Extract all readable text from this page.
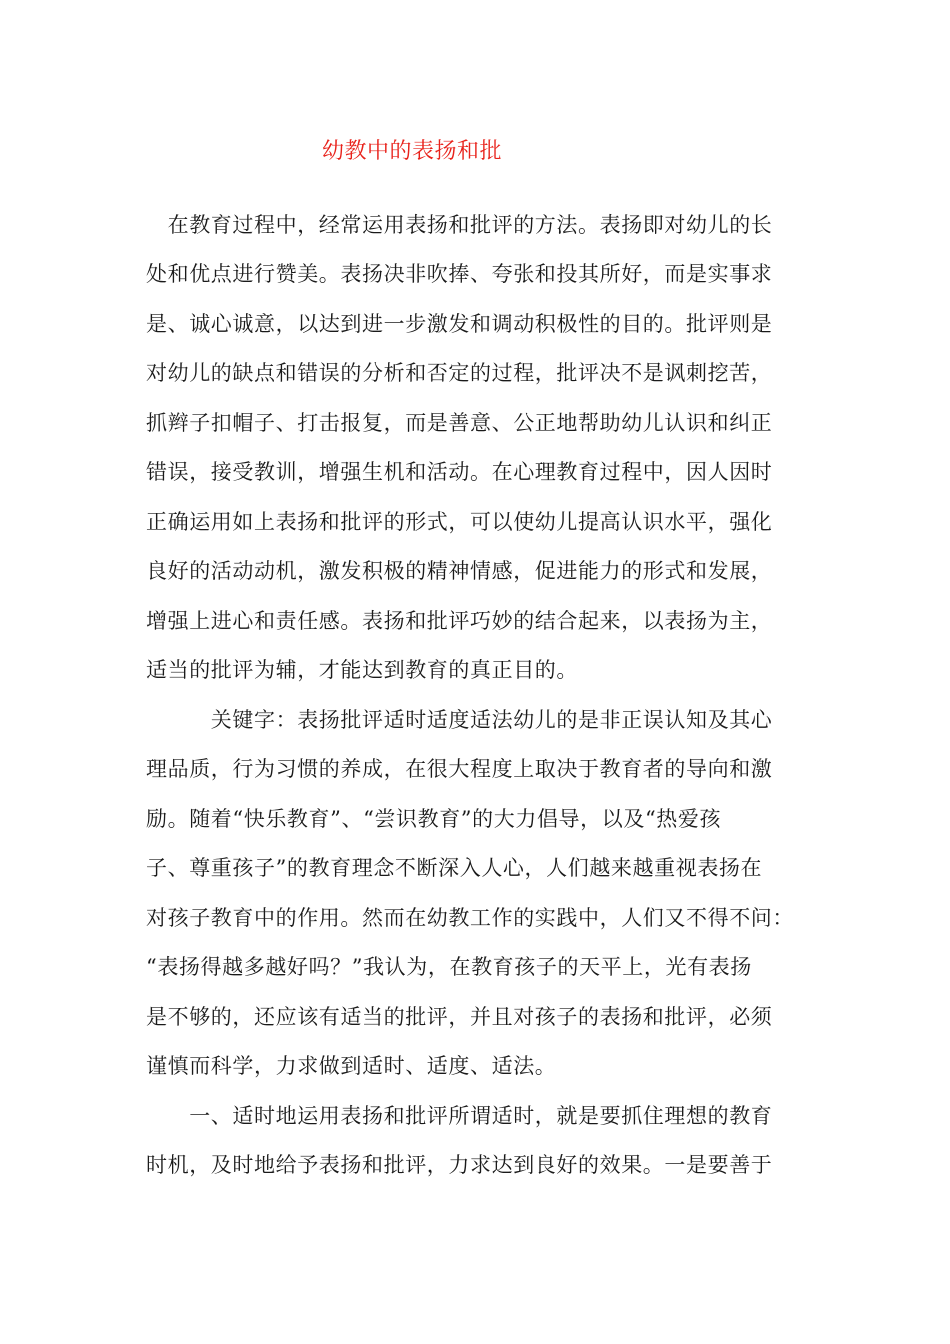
幼教中的表扬和批
　在教育过程中，经常运用表扬和批评的方法。表扬即对幼儿的长
处和优点进行赞美。表扬决非吹捧、夸张和投其所好，而是实事求
是、诚心诚意，以达到进一步激发和调动积极性的目的。批评则是
对幼儿的缺点和错误的分析和否定的过程，批评决不是讽刺挖苦，
抓辫子扣帽子、打击报复，而是善意、公正地帮助幼儿认识和纠正
错误，接受教训，增强生机和活动。在心理教育过程中，因人因时
正确运用如上表扬和批评的形式，可以使幼儿提高认识水平，强化
良好的活动动机，激发积极的精神情感，促进能力的形式和发展，
增强上进心和责任感。表扬和批评巧妙的结合起来，以表扬为主，
适当的批评为辅，才能达到教育的真正目的。
　　　关键字：表扬批评适时适度适法幼儿的是非正误认知及其心
理品质，行为习惯的养成，在很大程度上取决于教育者的导向和激
励。随着“快乐教育”、“尝识教育”的大力倡导，以及“热爱孩
子、尊重孩子”的教育理念不断深入人心，人们越来越重视表扬在
对孩子教育中的作用。然而在幼教工作的实践中，人们又不得不问：
“表扬得越多越好吗？”我认为，在教育孩子的天平上，光有表扬
是不够的，还应该有适当的批评，并且对孩子的表扬和批评，必须
谨慎而科学，力求做到适时、适度、适法。
　　一、适时地运用表扬和批评所谓适时，就是要抓住理想的教育
时机，及时地给予表扬和批评，力求达到良好的效果。一是要善于
